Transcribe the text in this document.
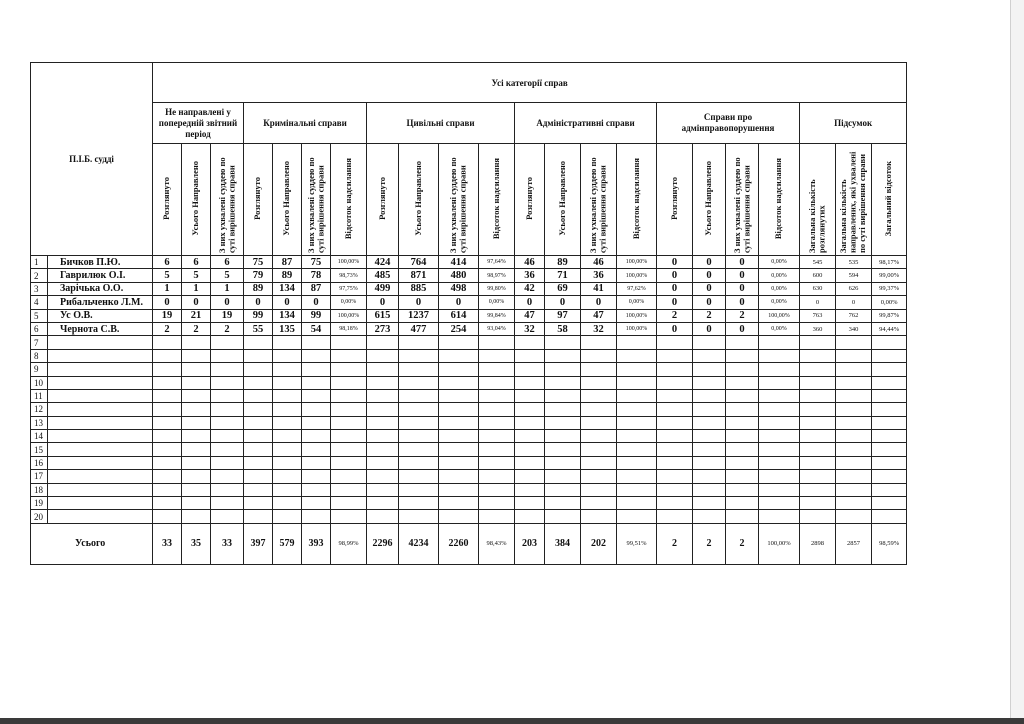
П.І.Б. судді		Усі категорії справ																					
		Не направлені у попередній звітний період			Кримінальні справи				Цивільні справи				Адміністративні справи				Справи про адмінправопорушення				Підсумок		
		Розглянуто	Усього Направлено	З них ухвалені суддею по суті вирішення справи	Розглянуто	Усього Направлено	З них ухвалені суддею по суті вирішення справи	Відсоток надсилання	Розглянуто	Усього Направлено	З них ухвалені суддею по суті вирішення справи	Відсоток надсилання	Розглянуто	Усього Направлено	З них ухвалені суддею по суті вирішення справи	Відсоток надсилання	Розглянуто	Усього Направлено	З них ухвалені суддею по суті вирішення справи	Відсоток надсилання	Загальна кількість розглянутих	Загальна кількість направлених, які ухвалені по суті вирішення справи	Загальний відсоток
1	Бичков П.Ю.	6	6	6	75	87	75	100,00%	424	764	414	97,64%	46	89	46	100,00%	0	0	0	0,00%	545	535	98,17%
2	Гаврилюк О.І.	5	5	5	79	89	78	98,73%	485	871	480	98,97%	36	71	36	100,00%	0	0	0	0,00%	600	594	99,00%
3	Зарічька О.О.	1	1	1	89	134	87	97,75%	499	885	498	99,80%	42	69	41	97,62%	0	0	0	0,00%	630	626	99,37%
4	Рибальченко Л.М.	0	0	0	0	0	0	0,00%	0	0	0	0,00%	0	0	0	0,00%	0	0	0	0,00%	0	0	0,00%
5	Ус О.В.	19	21	19	99	134	99	100,00%	615	1237	614	99,84%	47	97	47	100,00%	2	2	2	100,00%	763	762	99,87%
6	Чернота С.В.	2	2	2	55	135	54	98,18%	273	477	254	93,04%	32	58	32	100,00%	0	0	0	0,00%	360	340	94,44%
7																							
8																							
9																							
10																							
11																							
12																							
13																							
14																							
15																							
16																							
17																							
18																							
19																							
20																							
Усього		33	35	33	397	579	393	98,99%	2296	4234	2260	98,43%	203	384	202	99,51%	2	2	2	100,00%	2898	2857	98,59%
